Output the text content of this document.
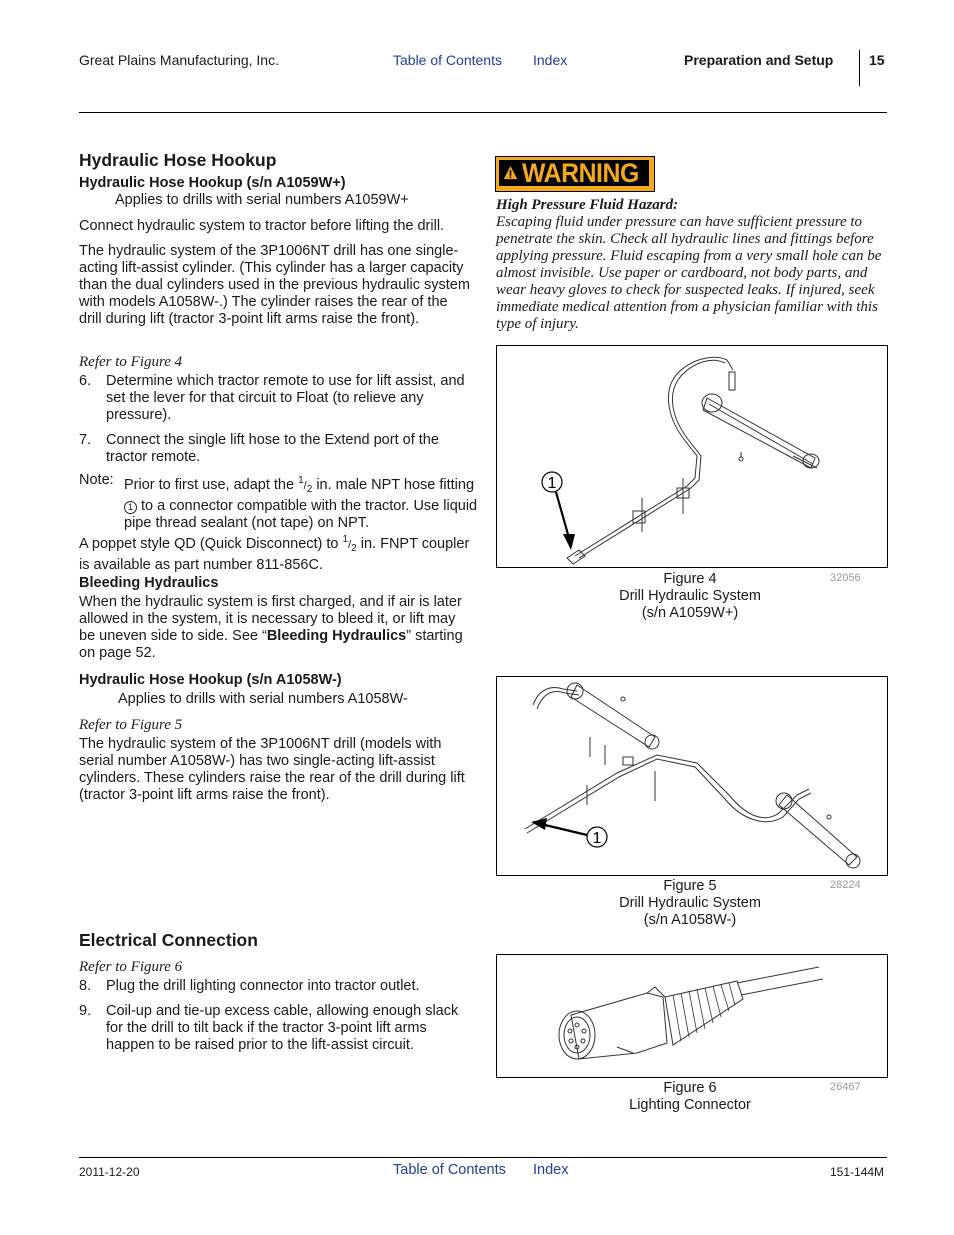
Great Plains Manufacturing, Inc.	Table of Contents Index	Preparation and Setup	15
Hydraulic Hose Hookup
Hydraulic Hose Hookup (s/n A1059W+)

Applies to drills with serial numbers A1059W+

Connect hydraulic system to tractor before lifting the drill.

The hydraulic system of the 3P1006NT drill has one single-acting lift-assist cylinder. (This cylinder has a larger capacity than the dual cylinders used in the previous hydraulic system with models A1058W-.) The cylinder raises the rear of the drill during lift (tractor 3-point lift arms raise the front).

Refer to Figure 4
6.	Determine which tractor remote to use for lift assist, and set the lever for that circuit to Float (to relieve any pressure).

7.	Connect the single lift hose to the Extend port of the tractor remote.

Note: Prior to first use, adapt the $^1/_2$ in. male NPT hose fitting 1 to a connector compatible with the tractor. Use liquid pipe thread sealant (not tape) on NPT.

A poppet style QD (Quick Disconnect) to $^1/_2$ in. FNPT coupler is available as part number 811-856C.

Bleeding Hydraulics

When the hydraulic system is first charged, and if air is later allowed in the system, it is necessary to bleed it, or lift may be uneven side to side. See “Bleeding Hydraulics” starting on page 52.

Hydraulic Hose Hookup (s/n A1058W-)

Applies to drills with serial numbers A1058W-

Refer to Figure 5

The hydraulic system of the 3P1006NT drill (models with serial number A1058W-) has two single-acting lift-assist cylinders. These cylinders raise the rear of the drill during lift (tractor 3-point lift arms raise the front).

Electrical Connection
Refer to Figure 6
8.	Plug the drill lighting connector into tractor outlet.

9.	Coil-up and tie-up excess cable, allowing enough slack for the drill to tilt back if the tractor 3-point lift arms happen to be raised prior to the lift-assist circuit.

WARNING
High Pressure Fluid Hazard:
Escaping fluid under pressure can have sufficient pressure to penetrate the skin. Check all hydraulic lines and fittings before applying pressure. Fluid escaping from a very small hole can be almost invisible. Use paper or cardboard, not body parts, and wear heavy gloves to check for suspected leaks. If injured, seek immediate medical attention from a physician familiar with this type of injury.
1
Figure 4
Drill Hydraulic System
(s/n A1059W+)
32056
1
Figure 5
Drill Hydraulic System
(s/n A1058W-)
28224
Figure 6
Lighting Connector
26467
2011-12-20	Table of Contents Index	151-144M
